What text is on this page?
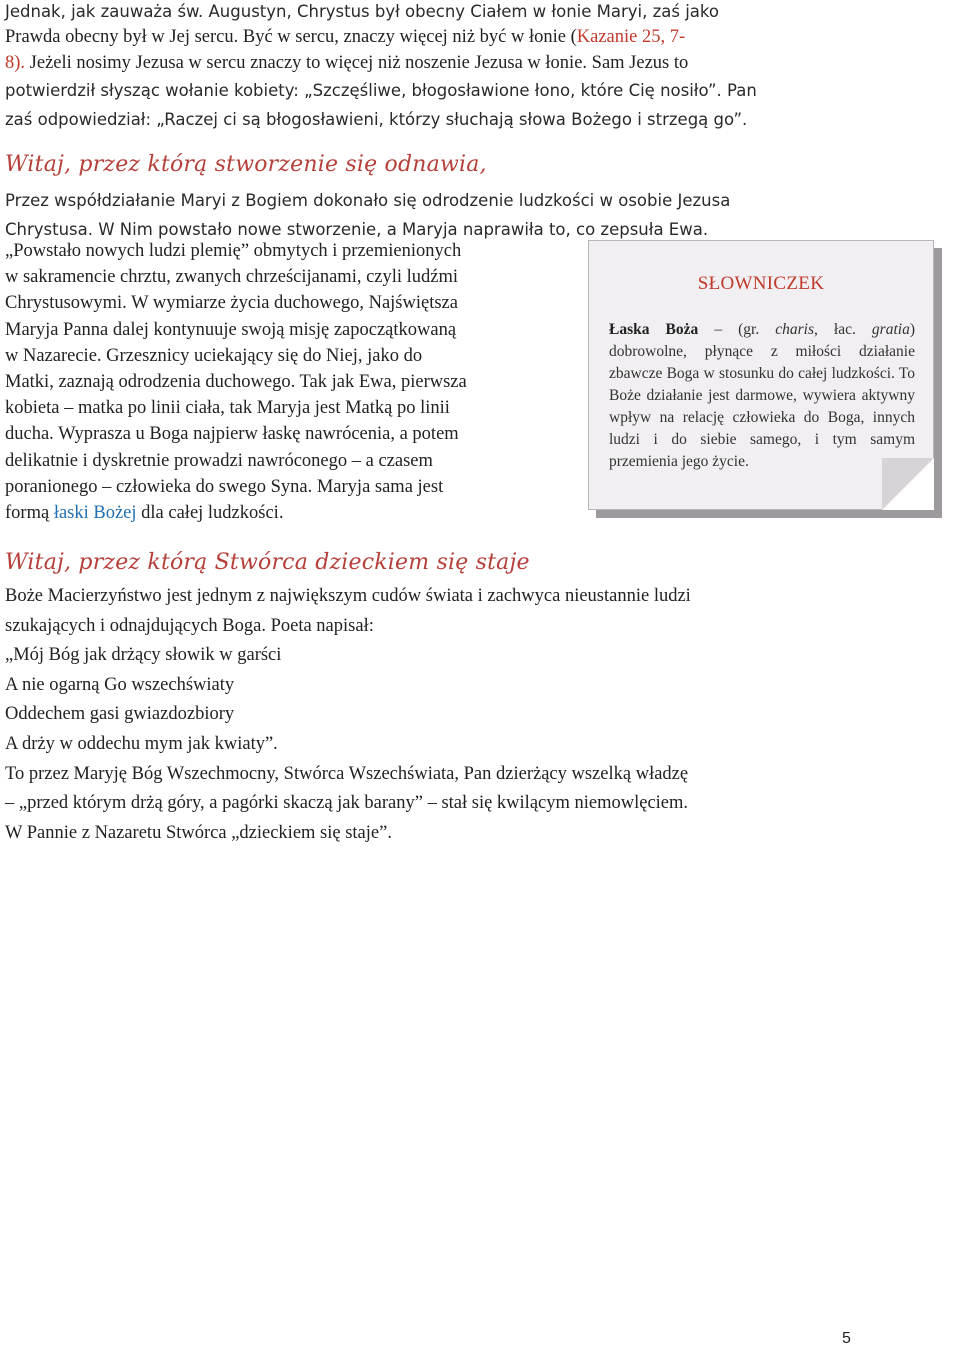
Jednak, jak zauważa św. Augustyn, Chrystus był obecny Ciałem w łonie Maryi, zaś jako
Prawda obecny był w Jej sercu. Być w sercu, znaczy więcej niż być w łonie (Kazanie 25, 7-
8). Jeżeli nosimy Jezusa w sercu znaczy to więcej niż noszenie Jezusa w łonie. Sam Jezus to
potwierdził słysząc wołanie kobiety: „Szczęśliwe, błogosławione łono, które Cię nosiło”. Pan
zaś odpowiedział: „Raczej ci są błogosławieni, którzy słuchają słowa Bożego i strzegą go”.
Witaj, przez którą stworzenie się odnawia,
Przez współdziałanie Maryi z Bogiem dokonało się odrodzenie ludzkości w osobie Jezusa
Chrystusa. W Nim powstało nowe stworzenie, a Maryja naprawiła to, co zepsuła Ewa.
„Powstało nowych ludzi plemię” obmytych i przemienionych
w sakramencie chrztu, zwanych chrześcijanami, czyli ludźmi
Chrystusowymi. W wymiarze życia duchowego, Najświętsza
Maryja Panna dalej kontynuuje swoją misję zapoczątkowaną
w Nazarecie. Grzesznicy uciekający się do Niej, jako do
Matki, zaznają odrodzenia duchowego. Tak jak Ewa, pierwsza
kobieta – matka po linii ciała, tak Maryja jest Matką po linii
ducha. Wyprasza u Boga najpierw łaskę nawrócenia, a potem
delikatnie i dyskretnie prowadzi nawróconego – a czasem
poranionego – człowieka do swego Syna. Maryja sama jest
formą łaski Bożej dla całej ludzkości.
SŁOWNICZEK
Łaska Boża – (gr. charis, łac. gratia) dobrowolne, płynące z miłości działanie zbawcze Boga w stosunku do całej ludzkości. To Boże działanie jest darmowe, wywiera aktywny wpływ na relację człowieka do Boga, innych ludzi i do siebie samego, i tym samym przemienia jego życie.
Witaj, przez którą Stwórca dzieckiem się staje
Boże Macierzyństwo jest jednym z największym cudów świata i zachwyca nieustannie ludzi
szukających i odnajdujących Boga. Poeta napisał:
„Mój Bóg jak drżący słowik w garści
A nie ogarną Go wszechświaty
Oddechem gasi gwiazdozbiory
A drży w oddechu mym jak kwiaty”.
To przez Maryję Bóg Wszechmocny, Stwórca Wszechświata, Pan dzierżący wszelką władzę
– „przed którym drżą góry, a pagórki skaczą jak barany” – stał się kwilącym niemowlęciem.
W Pannie z Nazaretu Stwórca „dzieckiem się staje”.
5
